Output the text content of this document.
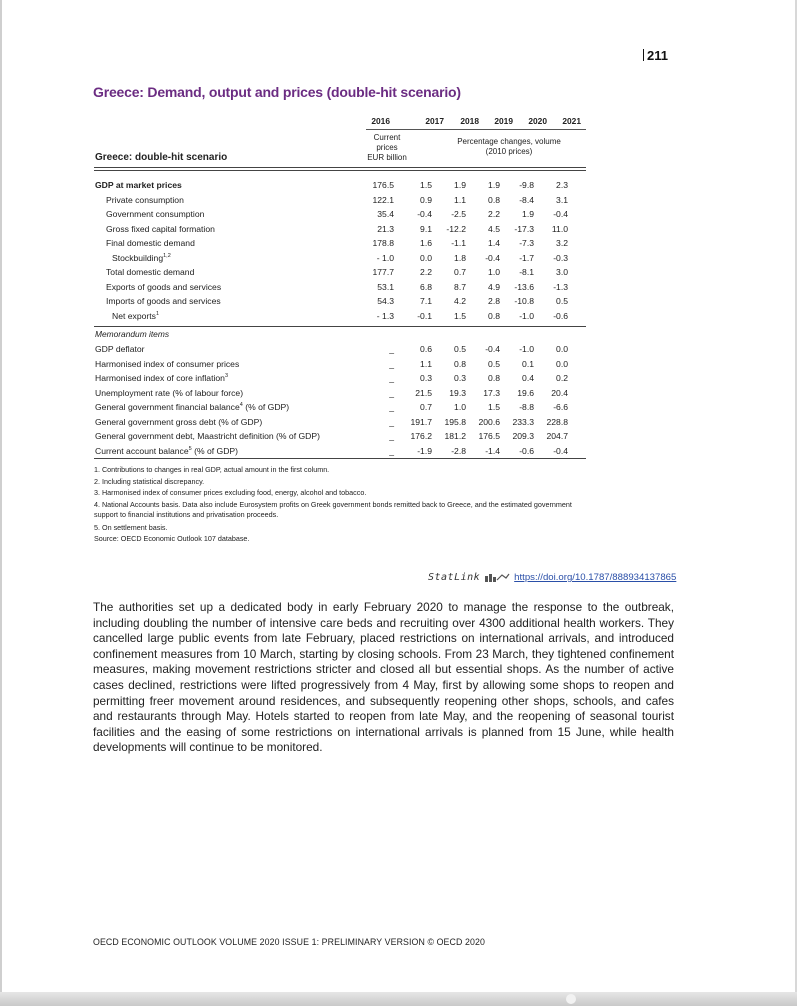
211
Greece: Demand, output and prices (double-hit scenario)
2016	2017	2018	2019	2020	2021
Current
prices
EUR billion
Percentage changes, volume
(2010 prices)
Greece: double-hit scenario
GDP at market prices	176.5	1.5	1.9	1.9	-9.8	2.3
Private consumption	122.1	0.9	1.1	0.8	-8.4	3.1
Government consumption	35.4	-0.4	-2.5	2.2	1.9	-0.4
Gross fixed capital formation	21.3	9.1	-12.2	4.5	-17.3	11.0
Final domestic demand	178.8	1.6	-1.1	1.4	-7.3	3.2
Stockbuilding$^{1,2}$	- 1.0	0.0	1.8	-0.4	-1.7	-0.3
Total domestic demand	177.7	2.2	0.7	1.0	-8.1	3.0
Exports of goods and services	53.1	6.8	8.7	4.9	-13.6	-1.3
Imports of goods and services	54.3	7.1	4.2	2.8	-10.8	0.5
Net exports$^1$	- 1.3	-0.1	1.5	0.8	-1.0	-0.6
Memorandum items
GDP deflator	_	0.6	0.5	-0.4	-1.0	0.0
Harmonised index of consumer prices	_	1.1	0.8	0.5	0.1	0.0
Harmonised index of core inflation$^3$	_	0.3	0.3	0.8	0.4	0.2
Unemployment rate (% of labour force)	_	21.5	19.3	17.3	19.6	20.4
General government financial balance$^4$ (% of GDP)	_	0.7	1.0	1.5	-8.8	-6.6
General government gross debt (% of GDP)	_	191.7	195.8	200.6	233.3	228.8
General government debt, Maastricht definition (% of GDP)	_	176.2	181.2	176.5	209.3	204.7
Current account balance$^5$ (% of GDP)	_	-1.9	-2.8	-1.4	-0.6	-0.4
1. Contributions to changes in real GDP, actual amount in the first column.
2. Including statistical discrepancy.
3. Harmonised index of consumer prices excluding food, energy, alcohol and tobacco.
4. National Accounts basis. Data also include Eurosystem profits on Greek government bonds remitted back to Greece, and the estimated government support to financial institutions and privatisation proceeds.
5. On settlement basis.
Source: OECD Economic Outlook 107 database.
StatLink	https://doi.org/10.1787/888934137865
The authorities set up a dedicated body in early February 2020 to manage the response to the outbreak, including doubling the number of intensive care beds and recruiting over 4300 additional health workers. They cancelled large public events from late February, placed restrictions on international arrivals, and introduced confinement measures from 10 March, starting by closing schools. From 23 March, they tightened confinement measures, making movement restrictions stricter and closed all but essential shops. As the number of active cases declined, restrictions were lifted progressively from 4 May, first by allowing some shops to reopen and permitting freer movement around residences, and subsequently reopening other shops, schools, and cafes and restaurants through May. Hotels started to reopen from late May, and the reopening of seasonal tourist facilities and the easing of some restrictions on international arrivals is planned from 15 June, while health developments will continue to be monitored.
OECD ECONOMIC OUTLOOK VOLUME 2020 ISSUE 1: PRELIMINARY VERSION © OECD 2020
